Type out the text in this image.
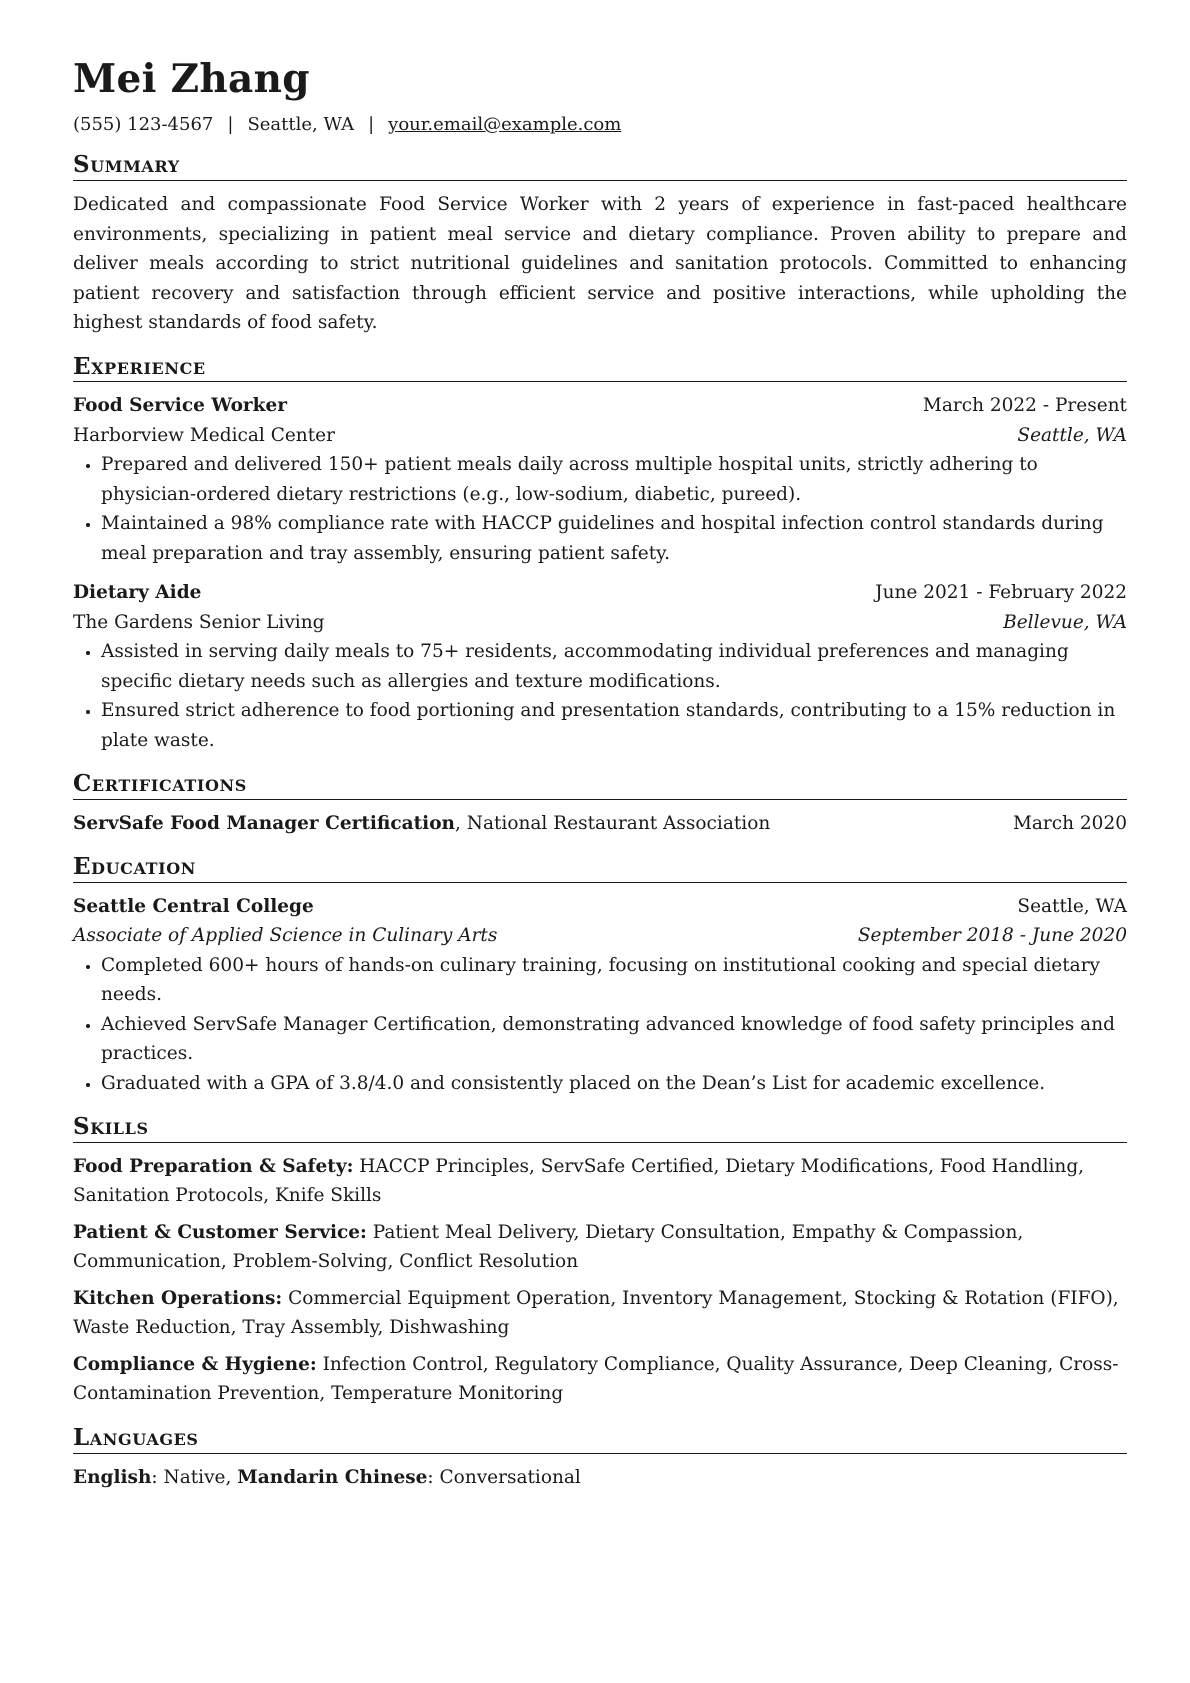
Mei Zhang
(555) 123-4567 | Seattle, WA | your.email@example.com
Summary
Dedicated and compassionate Food Service Worker with 2 years of experience in fast-paced healthcare environments, specializing in patient meal service and dietary compliance. Proven ability to prepare and deliver meals according to strict nutritional guidelines and sanitation protocols. Committed to enhancing patient recovery and satisfaction through efficient service and positive interactions, while upholding the highest standards of food safety.
Experience
Food Service Worker	March 2022 - Present
Harborview Medical Center	Seattle, WA
• Prepared and delivered 150+ patient meals daily across multiple hospital units, strictly adhering to physician-ordered dietary restrictions (e.g., low-sodium, diabetic, pureed).
• Maintained a 98% compliance rate with HACCP guidelines and hospital infection control standards during meal preparation and tray assembly, ensuring patient safety.
Dietary Aide	June 2021 - February 2022
The Gardens Senior Living	Bellevue, WA
• Assisted in serving daily meals to 75+ residents, accommodating individual preferences and managing specific dietary needs such as allergies and texture modifications.
• Ensured strict adherence to food portioning and presentation standards, contributing to a 15% reduction in plate waste.
Certifications
ServSafe Food Manager Certification, National Restaurant Association	March 2020
Education
Seattle Central College	Seattle, WA
Associate of Applied Science in Culinary Arts	September 2018 - June 2020
• Completed 600+ hours of hands-on culinary training, focusing on institutional cooking and special dietary needs.
• Achieved ServSafe Manager Certification, demonstrating advanced knowledge of food safety principles and practices.
• Graduated with a GPA of 3.8/4.0 and consistently placed on the Dean’s List for academic excellence.
Skills
Food Preparation & Safety: HACCP Principles, ServSafe Certified, Dietary Modifications, Food Handling, Sanitation Protocols, Knife Skills
Patient & Customer Service: Patient Meal Delivery, Dietary Consultation, Empathy & Compassion, Communication, Problem-Solving, Conflict Resolution
Kitchen Operations: Commercial Equipment Operation, Inventory Management, Stocking & Rotation (FIFO), Waste Reduction, Tray Assembly, Dishwashing
Compliance & Hygiene: Infection Control, Regulatory Compliance, Quality Assurance, Deep Cleaning, Cross-Contamination Prevention, Temperature Monitoring
Languages
English: Native, Mandarin Chinese: Conversational
